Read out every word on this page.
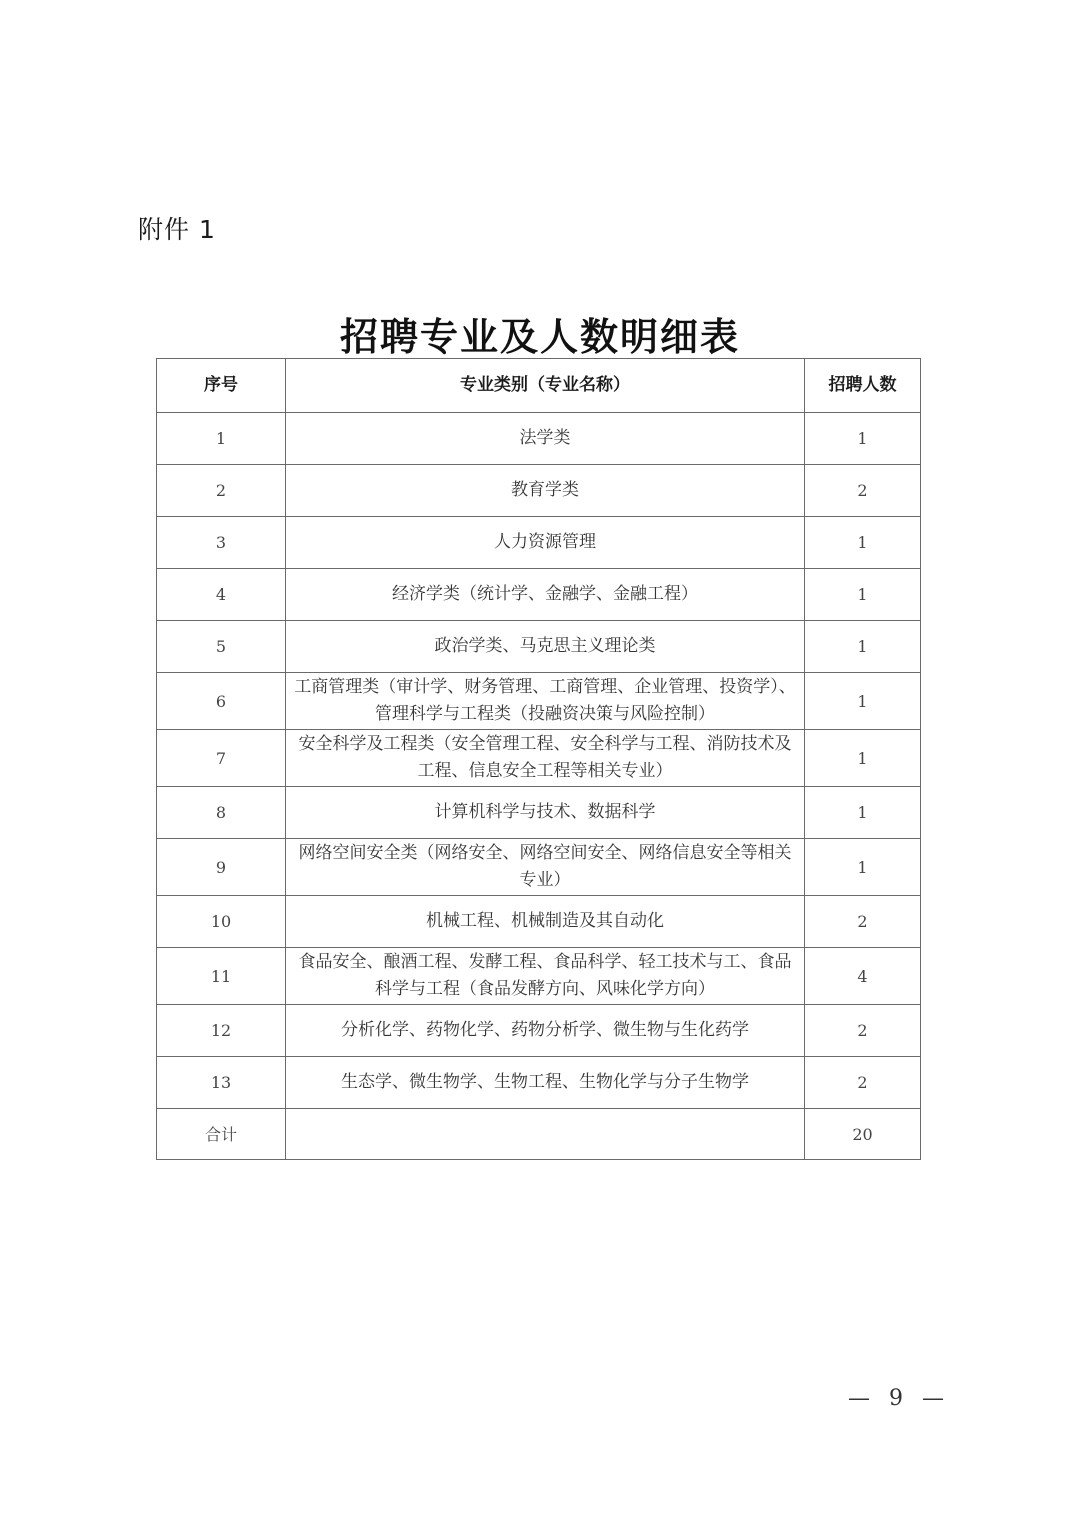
附件 1
招聘专业及人数明细表
序号	专业类别（专业名称）	招聘人数
1	法学类	1
2	教育学类	2
3	人力资源管理	1
4	经济学类（统计学、金融学、金融工程）	1
5	政治学类、马克思主义理论类	1
6	工商管理类（审计学、财务管理、工商管理、企业管理、投资学）、管理科学与工程类（投融资决策与风险控制）	1
7	安全科学及工程类（安全管理工程、安全科学与工程、消防技术及工程、信息安全工程等相关专业）	1
8	计算机科学与技术、数据科学	1
9	网络空间安全类（网络安全、网络空间安全、网络信息安全等相关专业）	1
10	机械工程、机械制造及其自动化	2
11	食品安全、酿酒工程、发酵工程、食品科学、轻工技术与工、食品科学与工程（食品发酵方向、风味化学方向）	4
12	分析化学、药物化学、药物分析学、微生物与生化药学	2
13	生态学、微生物学、生物工程、生物化学与分子生物学	2
合计		20
— 9 —
